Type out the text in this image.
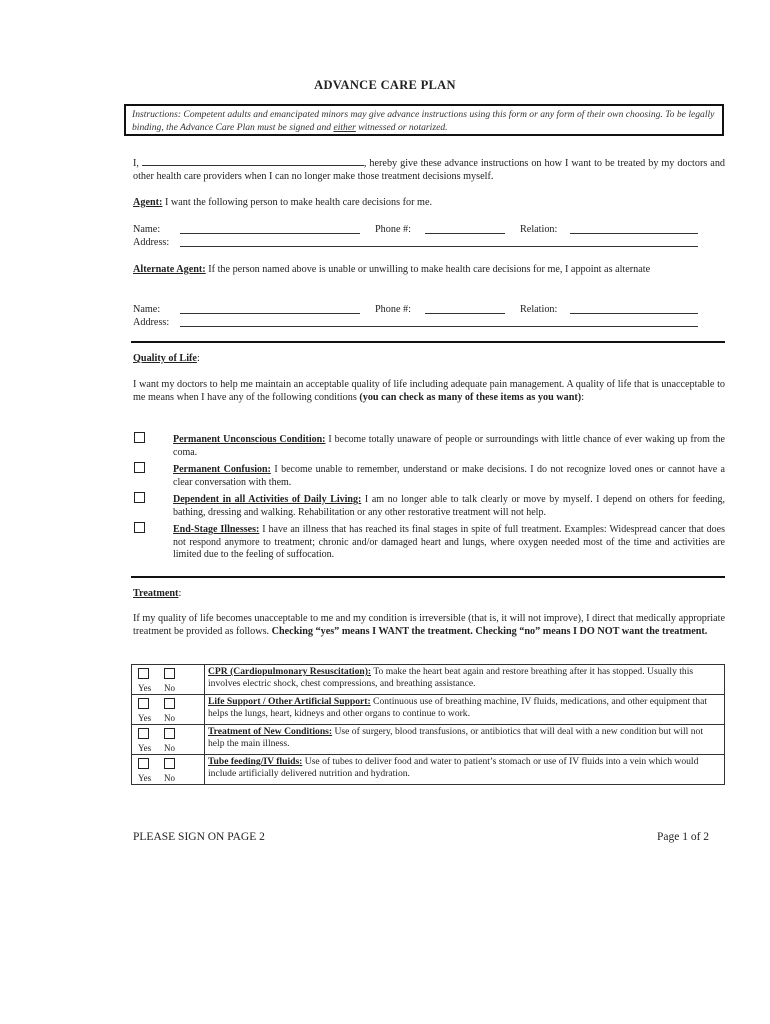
ADVANCE CARE PLAN
Instructions: Competent adults and emancipated minors may give advance instructions using this form or any form of their own choosing. To be legally binding, the Advance Care Plan must be signed and either witnessed or notarized.
I,	, hereby give these advance instructions on how I want to be treated by my doctors and other health care providers when I can no longer make those treatment decisions myself.
Agent: I want the following person to make health care decisions for me.
Name:	Phone #:	Relation:
Address:
Alternate Agent: If the person named above is unable or unwilling to make health care decisions for me, I appoint as alternate
Name:	Phone #:	Relation:
Address:
Quality of Life:
I want my doctors to help me maintain an acceptable quality of life including adequate pain management. A quality of life that is unacceptable to me means when I have any of the following conditions (you can check as many of these items as you want):
Permanent Unconscious Condition: I become totally unaware of people or surroundings with little chance of ever waking up from the coma.
Permanent Confusion: I become unable to remember, understand or make decisions. I do not recognize loved ones or cannot have a clear conversation with them.
Dependent in all Activities of Daily Living: I am no longer able to talk clearly or move by myself. I depend on others for feeding, bathing, dressing and walking. Rehabilitation or any other restorative treatment will not help.
End-Stage Illnesses: I have an illness that has reached its final stages in spite of full treatment. Examples: Widespread cancer that does not respond anymore to treatment; chronic and/or damaged heart and lungs, where oxygen needed most of the time and activities are limited due to the feeling of suffocation.
Treatment:
If my quality of life becomes unacceptable to me and my condition is irreversible (that is, it will not improve), I direct that medically appropriate treatment be provided as follows. Checking “yes” means I WANT the treatment. Checking “no” means I DO NOT want the treatment.
Yes No	CPR (Cardiopulmonary Resuscitation): To make the heart beat again and restore breathing after it has stopped. Usually this involves electric shock, chest compressions, and breathing assistance.

Yes No	Life Support / Other Artificial Support: Continuous use of breathing machine, IV fluids, medications, and other equipment that helps the lungs, heart, kidneys and other organs to continue to work.

Yes No	Treatment of New Conditions: Use of surgery, blood transfusions, or antibiotics that will deal with a new condition but will not help the main illness.

Yes No	Tube feeding/IV fluids: Use of tubes to deliver food and water to patient’s stomach or use of IV fluids into a vein which would include artificially delivered nutrition and hydration.
PLEASE SIGN ON PAGE 2	Page 1 of 2
